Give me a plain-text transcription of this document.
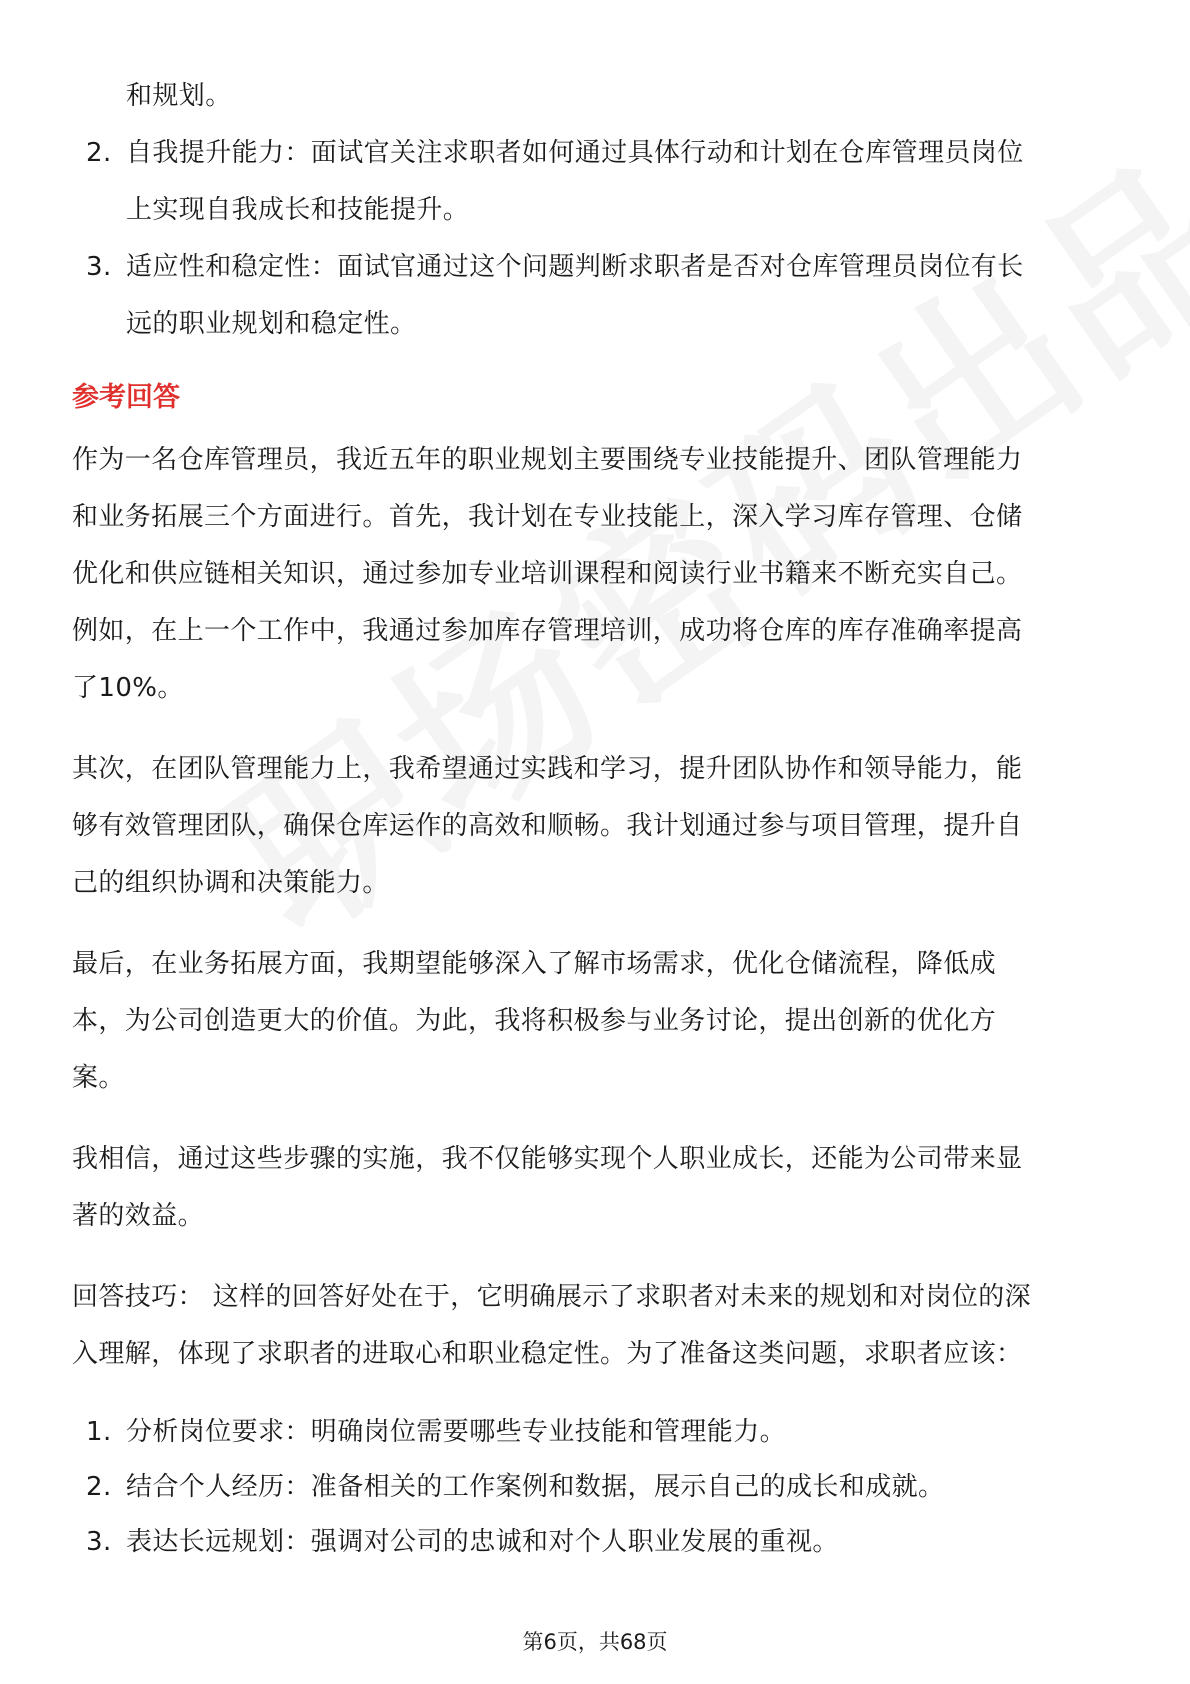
和规划。
2. 自我提升能力：面试官关注求职者如何通过具体行动和计划在仓库管理员岗位
上实现自我成长和技能提升。
3. 适应性和稳定性：面试官通过这个问题判断求职者是否对仓库管理员岗位有长
远的职业规划和稳定性。
参考回答

作为一名仓库管理员，我近五年的职业规划主要围绕专业技能提升、团队管理能力

和业务拓展三个方面进行。首先，我计划在专业技能上，深入学习库存管理、仓储

优化和供应链相关知识，通过参加专业培训课程和阅读行业书籍来不断充实自己。

例如，在上一个工作中，我通过参加库存管理培训，成功将仓库的库存准确率提高

了10%。

其次，在团队管理能力上，我希望通过实践和学习，提升团队协作和领导能力，能

够有效管理团队，确保仓库运作的高效和顺畅。我计划通过参与项目管理，提升自

己的组织协调和决策能力。

最后，在业务拓展方面，我期望能够深入了解市场需求，优化仓储流程，降低成

本，为公司创造更大的价值。为此，我将积极参与业务讨论，提出创新的优化方

案。

我相信，通过这些步骤的实施，我不仅能够实现个人职业成长，还能为公司带来显

著的效益。

回答技巧： 这样的回答好处在于，它明确展示了求职者对未来的规划和对岗位的深

入理解，体现了求职者的进取心和职业稳定性。为了准备这类问题，求职者应该：

1. 分析岗位要求：明确岗位需要哪些专业技能和管理能力。
2. 结合个人经历：准备相关的工作案例和数据，展示自己的成长和成就。
3. 表达长远规划：强调对公司的忠诚和对个人职业发展的重视。
第6页，共68页
